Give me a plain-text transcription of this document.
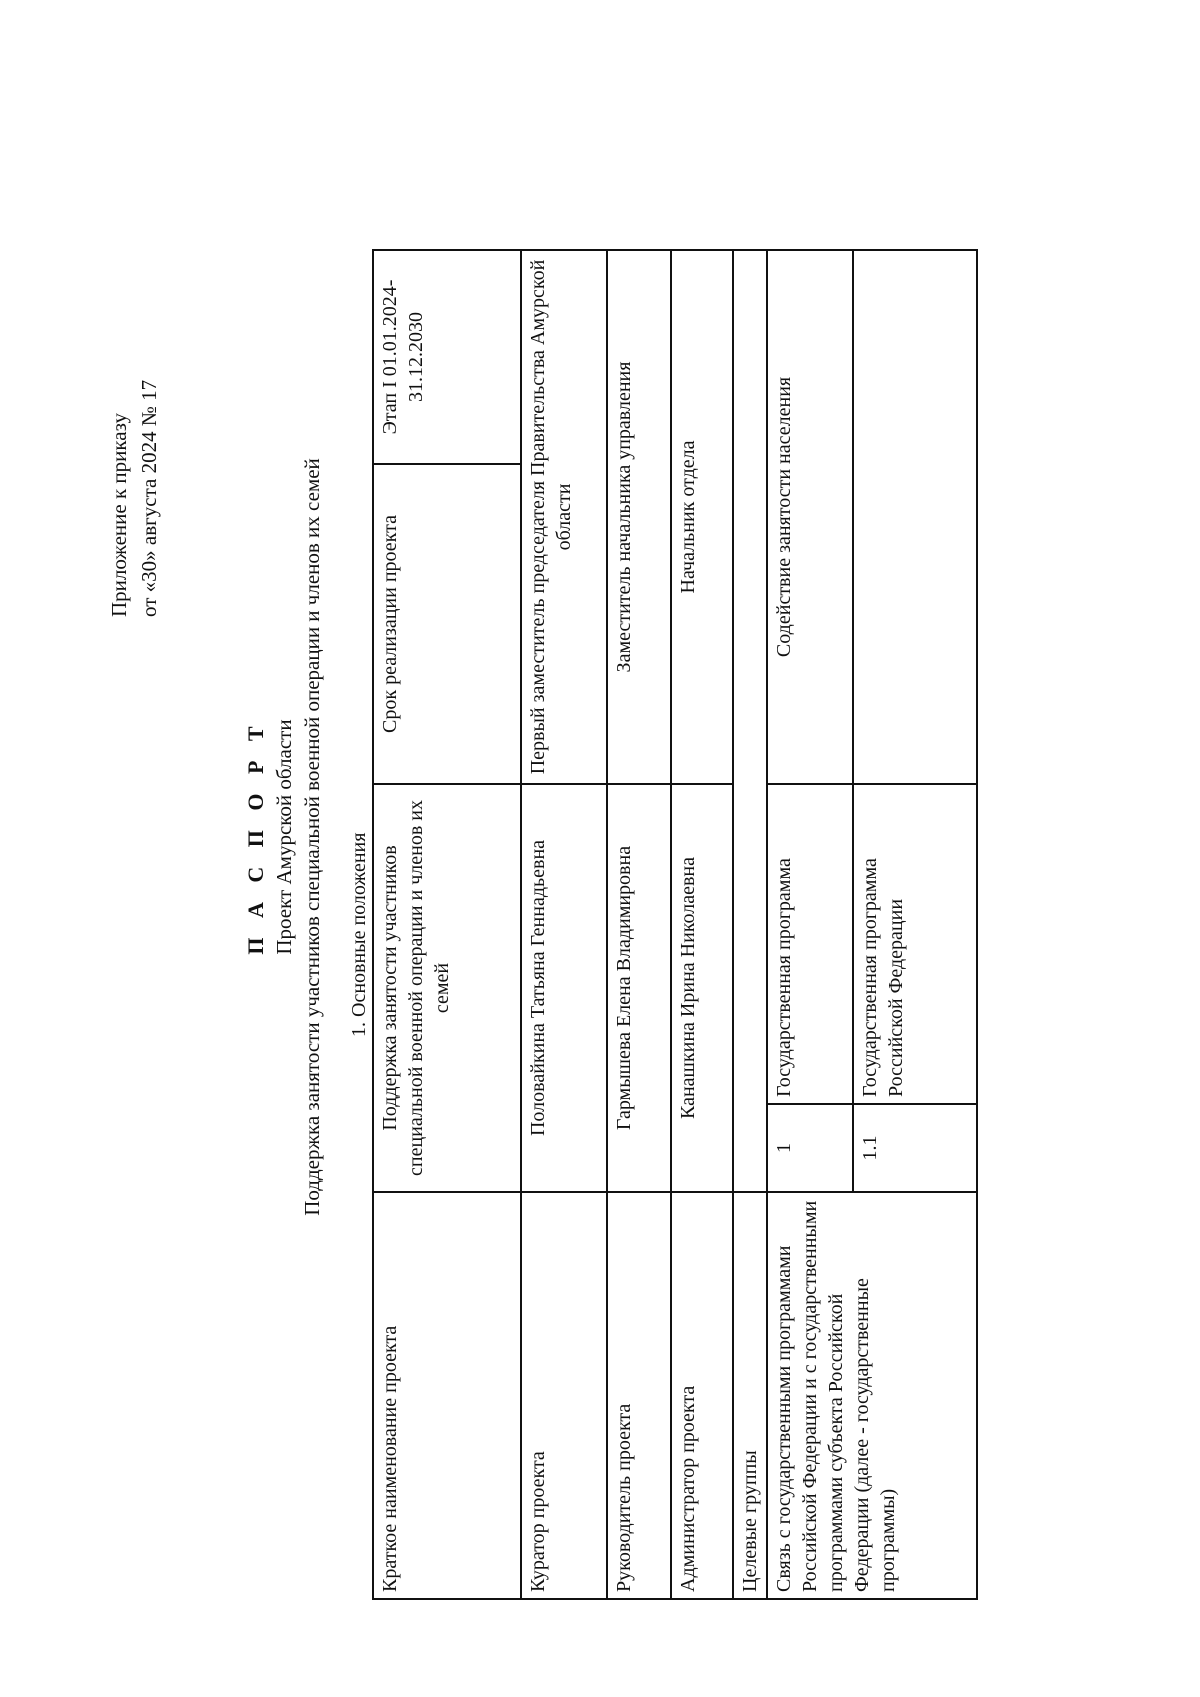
Приложение к приказу от «30» августа 2024 № 17
П А С П О Р Т Проект Амурской области Поддержка занятости участников специальной военной операции и членов их семей 1. Основные положения
Краткое наименование проекта	Поддержка занятости участников специальной военной операции и членов их семей		Срок реализации проекта	Этап I 01.01.2024-31.12.2030
Куратор проекта	Половайкина Татьяна Геннадьевна		Первый заместитель председателя Правительства Амурской области	
Руководитель проекта	Гармышева Елена Владимировна		Заместитель начальника управления	
Администратор проекта	Канашкина Ирина Николаевна		Начальник отдела	
Целевые группы				
Связь с государственными программами Российской Федерации и с государственными программами субъекта Российской Федерации (далее - государственные программы)	1	Государственная программа	Содействие занятости населения	
	1.1	Государственная программа Российской Федерации		
